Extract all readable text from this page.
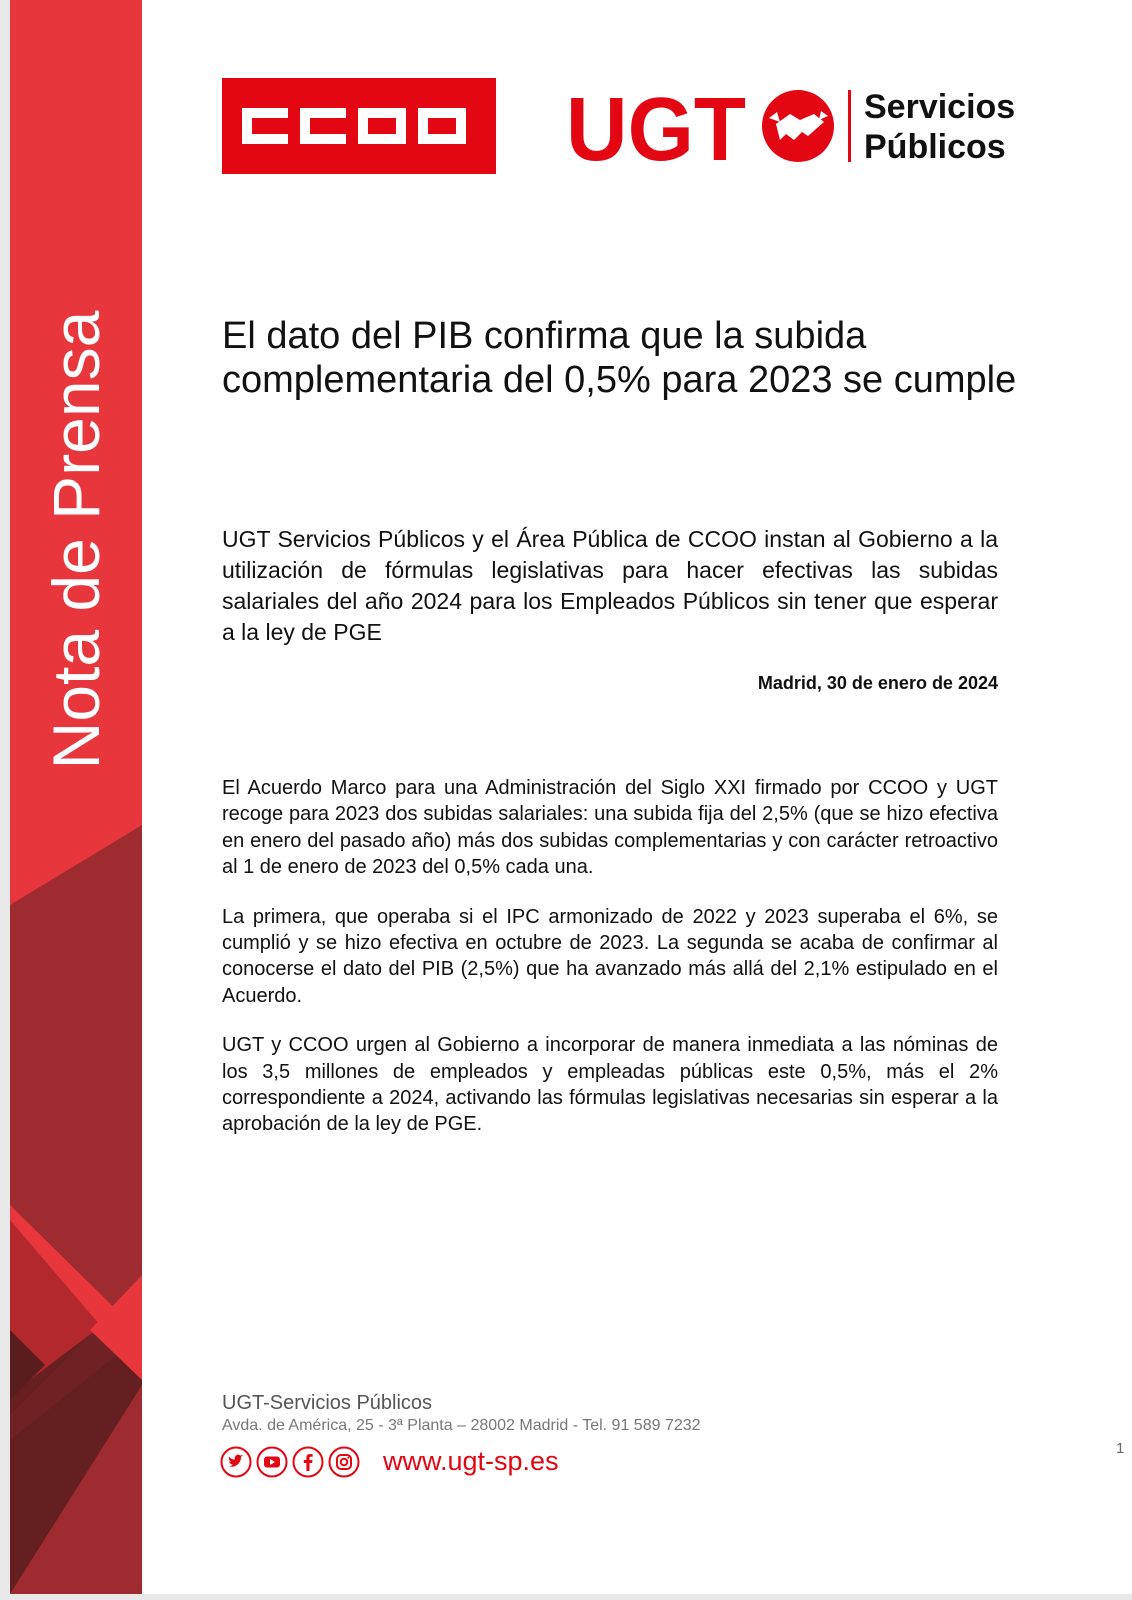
Nota de Prensa
UGT	Servicios
Públicos
El dato del PIB confirma que la subida complementaria del 0,5% para 2023 se cumple

UGT Servicios Públicos y el Área Pública de CCOO instan al Gobierno a la utilización de fórmulas legislativas para hacer efectivas las subidas salariales del año 2024 para los Empleados Públicos sin tener que esperar a la ley de PGE

Madrid, 30 de enero de 2024

El Acuerdo Marco para una Administración del Siglo XXI firmado por CCOO y UGT recoge para 2023 dos subidas salariales: una subida fija del 2,5% (que se hizo efectiva en enero del pasado año) más dos subidas complementarias y con carácter retroactivo al 1 de enero de 2023 del 0,5% cada una.

La primera, que operaba si el IPC armonizado de 2022 y 2023 superaba el 6%, se cumplió y se hizo efectiva en octubre de 2023. La segunda se acaba de confirmar al conocerse el dato del PIB (2,5%) que ha avanzado más allá del 2,1% estipulado en el Acuerdo.

UGT y CCOO urgen al Gobierno a incorporar de manera inmediata a las nóminas de los 3,5 millones de empleados y empleadas públicas este 0,5%, más el 2% correspondiente a 2024, activando las fórmulas legislativas necesarias sin esperar a la aprobación de la ley de PGE.

UGT-Servicios Públicos
Avda. de América, 25 - 3ª Planta – 28002 Madrid - Tel. 91 589 7232
www.ugt-sp.es	1
